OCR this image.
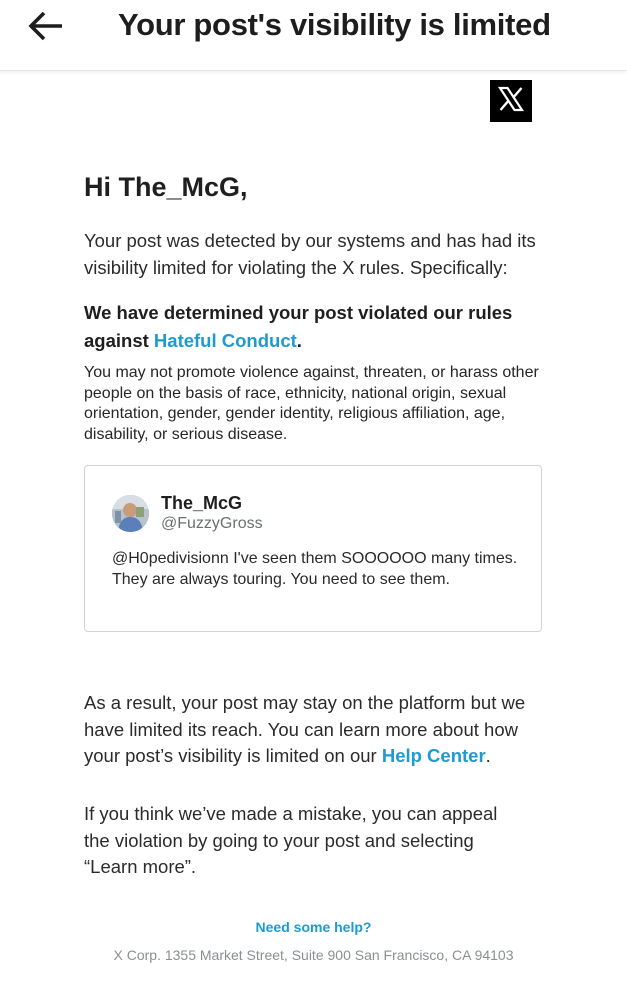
Your post's visibility is limited
Hi The_McG,

Your post was detected by our systems and has had its visibility limited for violating the X rules. Specifically:

We have determined your post violated our rules against Hateful Conduct.

You may not promote violence against, threaten, or harass other people on the basis of race, ethnicity, national origin, sexual orientation, gender, gender identity, religious affiliation, age, disability, or serious disease.

The_McG
@FuzzyGross

@H0pedivisionn I've seen them SOOOOOO many times. They are always touring. You need to see them.

As a result, your post may stay on the platform but we have limited its reach. You can learn more about how your post’s visibility is limited on our Help Center.

If you think we’ve made a mistake, you can appeal the violation by going to your post and selecting “Learn more”.

Need some help?
X Corp. 1355 Market Street, Suite 900 San Francisco, CA 94103
